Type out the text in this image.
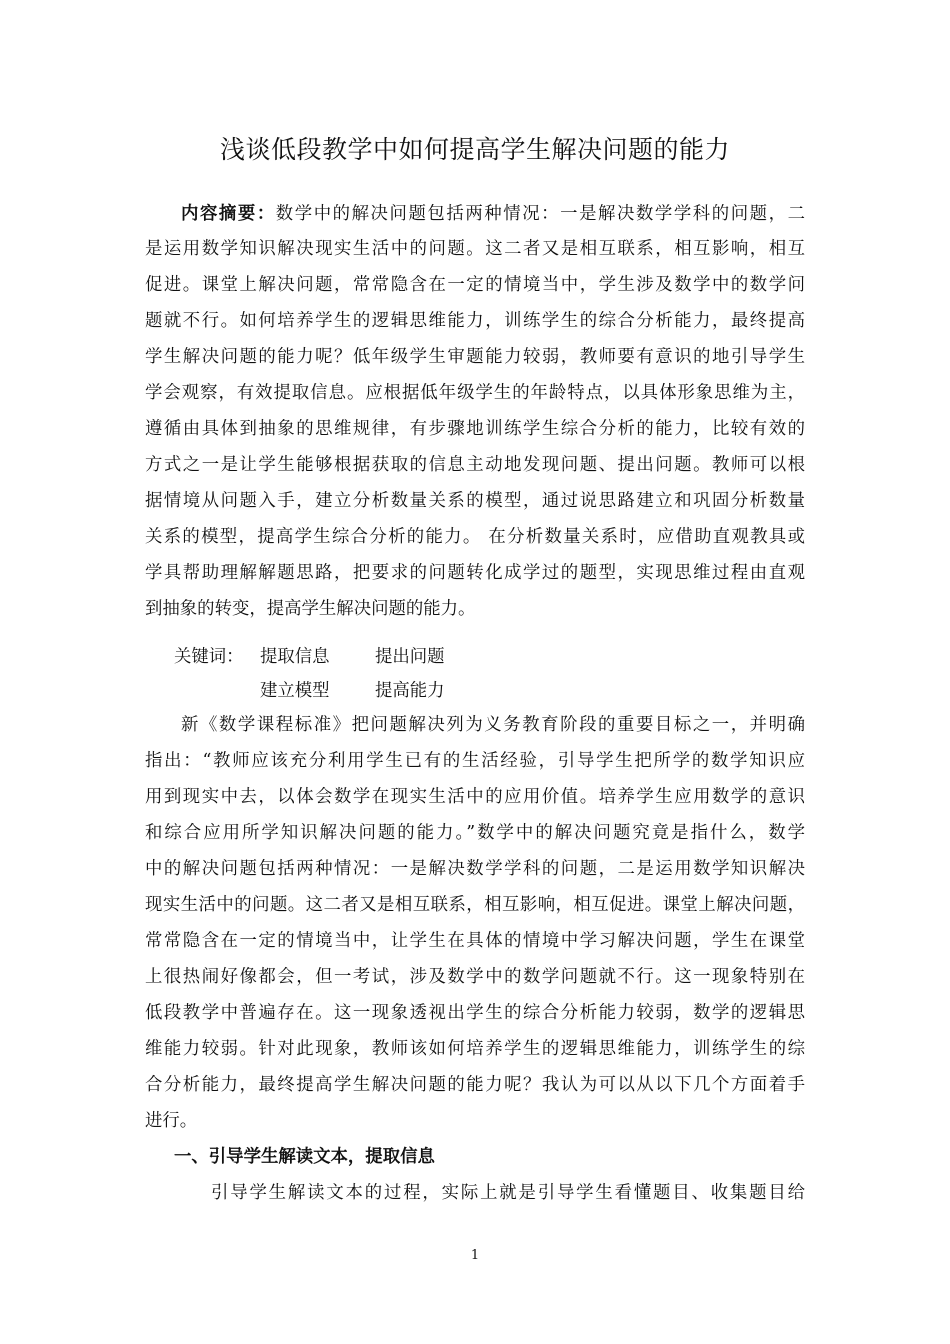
浅谈低段教学中如何提高学生解决问题的能力
内容摘要：数学中的解决问题包括两种情况：一是解决数学学科的问题，二
是运用数学知识解决现实生活中的问题。这二者又是相互联系，相互影响，相互
促进。课堂上解决问题，常常隐含在一定的情境当中，学生涉及数学中的数学问
题就不行。如何培养学生的逻辑思维能力，训练学生的综合分析能力，最终提高
学生解决问题的能力呢？低年级学生审题能力较弱，教师要有意识的地引导学生
学会观察，有效提取信息。应根据低年级学生的年龄特点，以具体形象思维为主，
遵循由具体到抽象的思维规律，有步骤地训练学生综合分析的能力，比较有效的
方式之一是让学生能够根据获取的信息主动地发现问题、提出问题。教师可以根
据情境从问题入手，建立分析数量关系的模型，通过说思路建立和巩固分析数量
关系的模型，提高学生综合分析的能力。 在分析数量关系时，应借助直观教具或
学具帮助理解解题思路，把要求的问题转化成学过的题型，实现思维过程由直观
到抽象的转变，提高学生解决问题的能力。
关键词： 提取信息	提出问题
建立模型	提高能力
新《数学课程标准》把问题解决列为义务教育阶段的重要目标之一，并明确
指出：“教师应该充分利用学生已有的生活经验，引导学生把所学的数学知识应
用到现实中去，以体会数学在现实生活中的应用价值。培养学生应用数学的意识
和综合应用所学知识解决问题的能力。”数学中的解决问题究竟是指什么，数学
中的解决问题包括两种情况：一是解决数学学科的问题，二是运用数学知识解决
现实生活中的问题。这二者又是相互联系，相互影响，相互促进。课堂上解决问题，
常常隐含在一定的情境当中，让学生在具体的情境中学习解决问题，学生在课堂
上很热闹好像都会，但一考试，涉及数学中的数学问题就不行。这一现象特别在
低段教学中普遍存在。这一现象透视出学生的综合分析能力较弱，数学的逻辑思
维能力较弱。针对此现象，教师该如何培养学生的逻辑思维能力，训练学生的综
合分析能力，最终提高学生解决问题的能力呢？我认为可以从以下几个方面着手
进行。
一、引导学生解读文本，提取信息
引导学生解读文本的过程，实际上就是引导学生看懂题目、收集题目给
1
